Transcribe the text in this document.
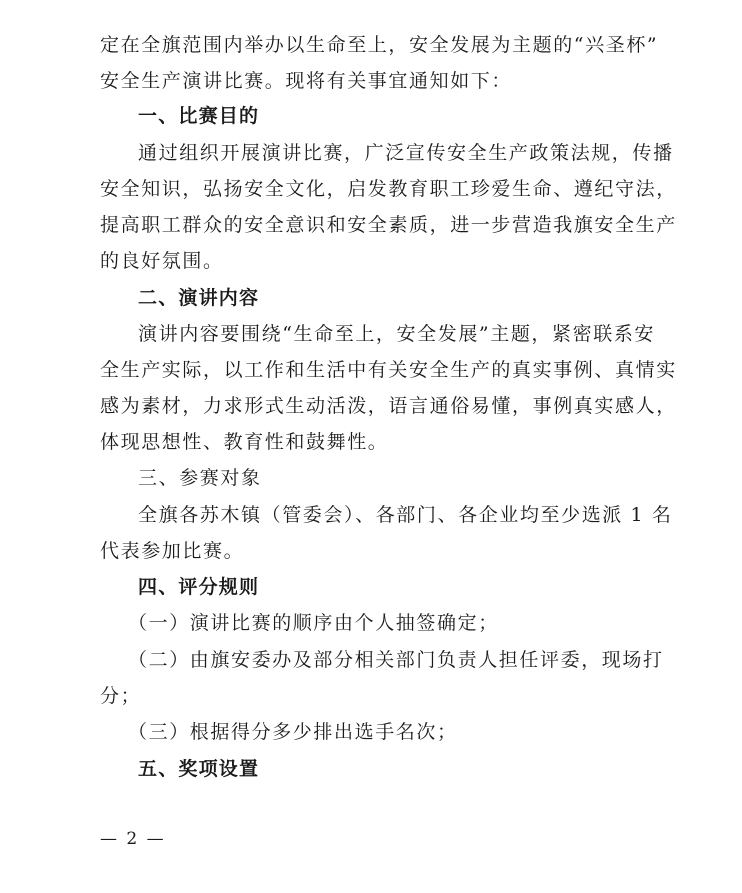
定在全旗范围内举办以生命至上，安全发展为主题的“兴圣杯”
安全生产演讲比赛。现将有关事宜通知如下：
一、比赛目的
通过组织开展演讲比赛，广泛宣传安全生产政策法规，传播
安全知识，弘扬安全文化，启发教育职工珍爱生命、遵纪守法，
提高职工群众的安全意识和安全素质，进一步营造我旗安全生产
的良好氛围。
二、演讲内容
演讲内容要围绕“生命至上，安全发展”主题，紧密联系安
全生产实际，以工作和生活中有关安全生产的真实事例、真情实
感为素材，力求形式生动活泼，语言通俗易懂，事例真实感人，
体现思想性、教育性和鼓舞性。
三、参赛对象
全旗各苏木镇（管委会）、各部门、各企业均至少选派 1 名
代表参加比赛。
四、评分规则
（一）演讲比赛的顺序由个人抽签确定；
（二）由旗安委办及部分相关部门负责人担任评委，现场打
分；
（三）根据得分多少排出选手名次；
五、奖项设置
— 2 —
